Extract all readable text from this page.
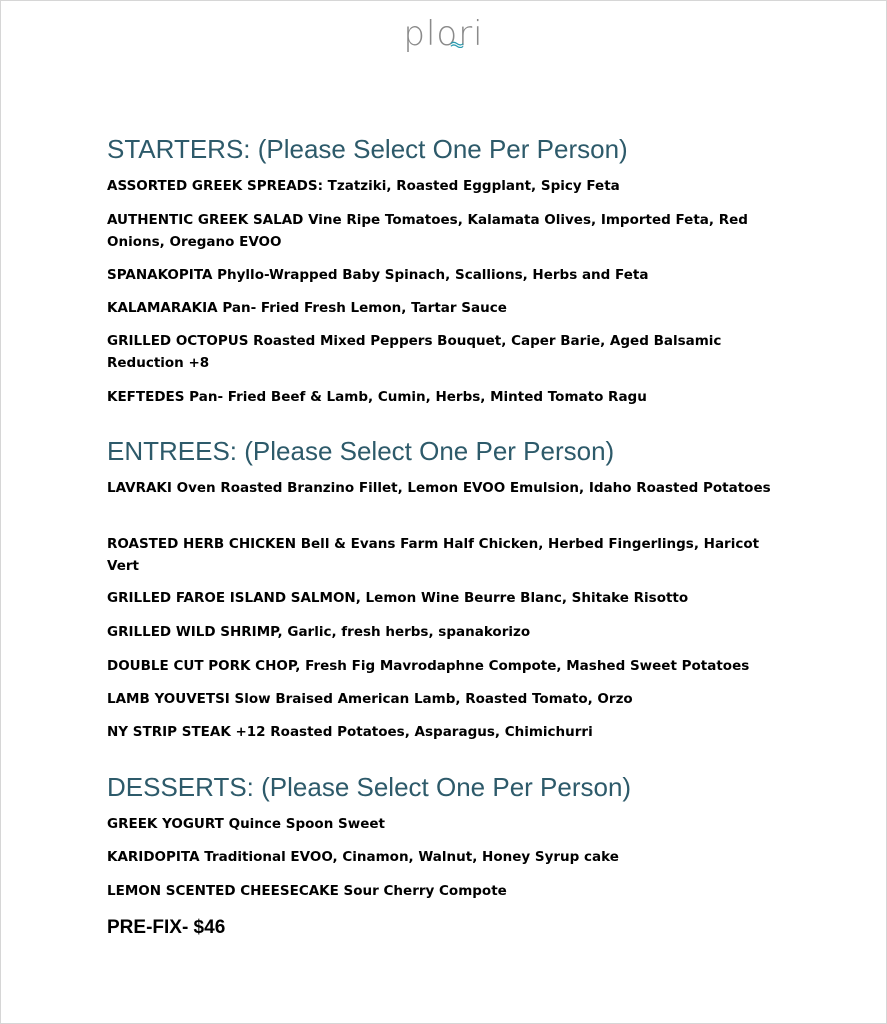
plori
STARTERS: (Please Select One Per Person)
ASSORTED GREEK SPREADS: Tzatziki, Roasted Eggplant, Spicy Feta
AUTHENTIC GREEK SALAD Vine Ripe Tomatoes, Kalamata Olives, Imported Feta, Red Onions, Oregano EVOO
SPANAKOPITA Phyllo-Wrapped Baby Spinach, Scallions, Herbs and Feta
KALAMARAKIA Pan- Fried Fresh Lemon, Tartar Sauce
GRILLED OCTOPUS Roasted Mixed Peppers Bouquet, Caper Barie, Aged Balsamic Reduction +8
KEFTEDES Pan- Fried Beef & Lamb, Cumin, Herbs, Minted Tomato Ragu
ENTREES: (Please Select One Per Person)
LAVRAKI Oven Roasted Branzino Fillet, Lemon EVOO Emulsion, Idaho Roasted Potatoes
ROASTED HERB CHICKEN Bell & Evans Farm Half Chicken, Herbed Fingerlings, Haricot Vert
GRILLED FAROE ISLAND SALMON, Lemon Wine Beurre Blanc, Shitake Risotto
GRILLED WILD SHRIMP, Garlic, fresh herbs, spanakorizo
DOUBLE CUT PORK CHOP, Fresh Fig Mavrodaphne Compote, Mashed Sweet Potatoes
LAMB YOUVETSI Slow Braised American Lamb, Roasted Tomato, Orzo
NY STRIP STEAK +12 Roasted Potatoes, Asparagus, Chimichurri
DESSERTS: (Please Select One Per Person)
GREEK YOGURT Quince Spoon Sweet
KARIDOPITA Traditional EVOO, Cinamon, Walnut, Honey Syrup cake
LEMON SCENTED CHEESECAKE Sour Cherry Compote
PRE-FIX- $46
